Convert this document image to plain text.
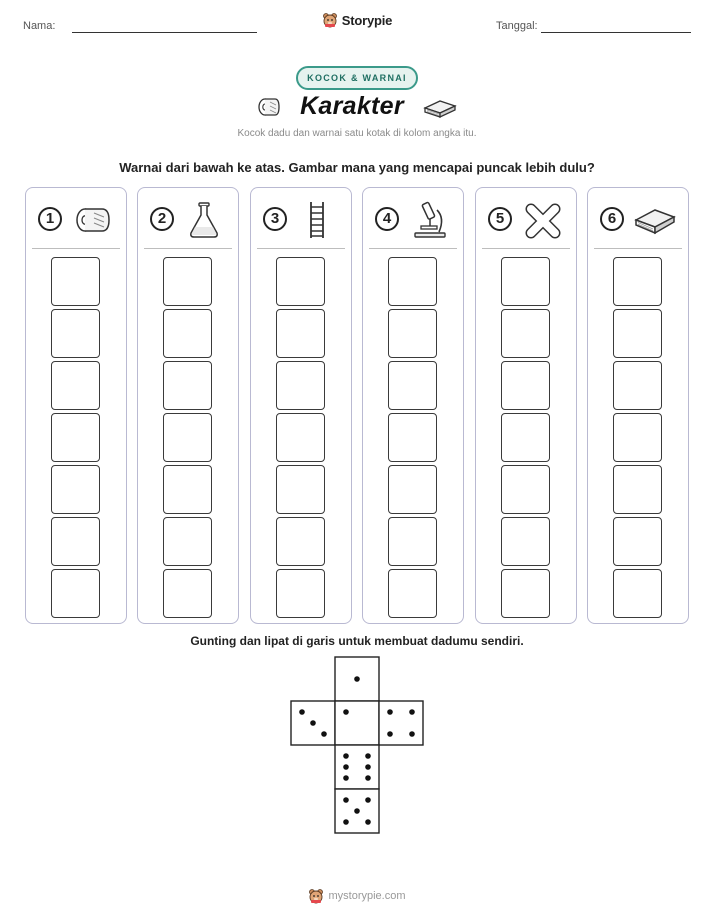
Nama:	Storypie	Tanggal:
KOCOK & WARNAI
Karakter
Kocok dadu dan warnai satu kotak di kolom angka itu.
Warnai dari bawah ke atas. Gambar mana yang mencapai puncak lebih dulu?
1	2	3	4	5	6
Gunting dan lipat di garis untuk membuat dadumu sendiri.
mystorypie.com
